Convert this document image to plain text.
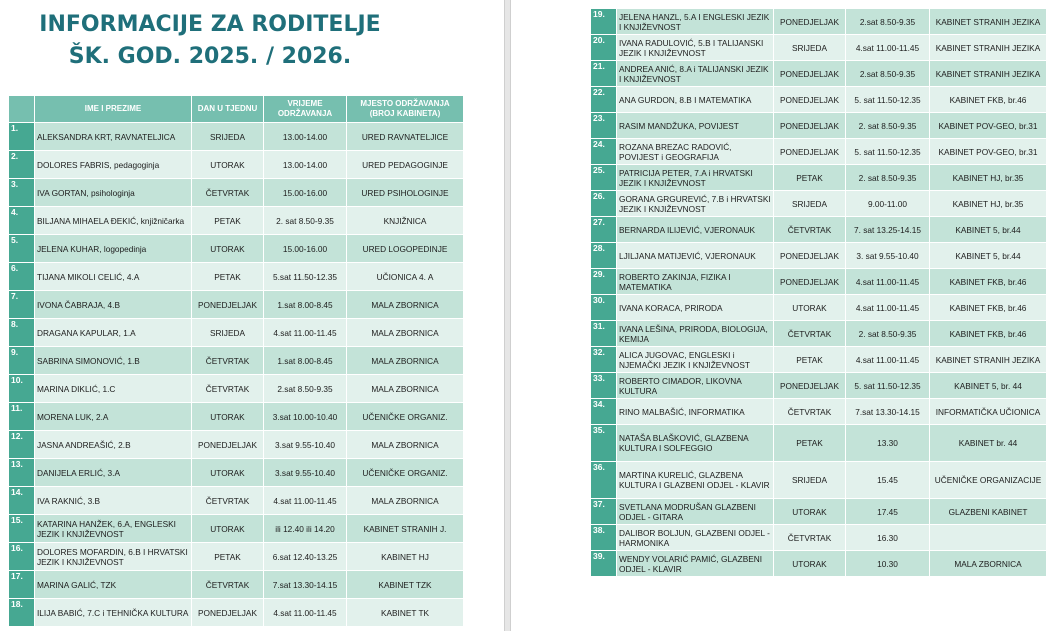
INFORMACIJE ZA RODITELJE
ŠK. GOD. 2025. / 2026.
	IME I PREZIME	DAN U TJEDNU	VRIJEME ODRŽAVANJA	MJESTO ODRŽAVANJA (BROJ KABINETA)
1.	ALEKSANDRA KRT, RAVNATELJICA	SRIJEDA	13.00-14.00	URED RAVNATELJICE
2.	DOLORES FABRIS, pedagoginja	UTORAK	13.00-14.00	URED PEDAGOGINJE
3.	IVA GORTAN, psihologinja	ČETVRTAK	15.00-16.00	URED PSIHOLOGINJE
4.	BILJANA MIHAELA ĐEKIĆ, knjižničarka	PETAK	2. sat 8.50-9.35	KNJIŽNICA
5.	JELENA KUHAR, logopedinja	UTORAK	15.00-16.00	URED LOGOPEDINJE
6.	TIJANA MIKOLI CELIĆ, 4.A	PETAK	5.sat 11.50-12.35	UČIONICA 4. A
7.	IVONA ČABRAJA, 4.B	PONEDJELJAK	1.sat 8.00-8.45	MALA ZBORNICA
8.	DRAGANA KAPULAR, 1.A	SRIJEDA	4.sat 11.00-11.45	MALA ZBORNICA
9.	SABRINA SIMONOVIĆ, 1.B	ČETVRTAK	1.sat 8.00-8.45	MALA ZBORNICA
10.	MARINA DIKLIĆ, 1.C	ČETVRTAK	2.sat 8.50-9.35	MALA ZBORNICA
11.	MORENA LUK, 2.A	UTORAK	3.sat 10.00-10.40	UČENIČKE ORGANIZ.
12.	JASNA ANDREAŠIĆ, 2.B	PONEDJELJAK	3.sat 9.55-10.40	MALA ZBORNICA
13.	DANIJELA ERLIĆ, 3.A	UTORAK	3.sat 9.55-10.40	UČENIČKE ORGANIZ.
14.	IVA RAKNIĆ, 3.B	ČETVRTAK	4.sat 11.00-11.45	MALA ZBORNICA
15.	KATARINA HANŽEK, 6.A, ENGLESKI JEZIK I KNJIŽEVNOST	UTORAK	ili 12.40 ili 14.20	KABINET STRANIH J.
16.	DOLORES MOFARDIN, 6.B I HRVATSKI JEZIK I KNJIŽEVNOST	PETAK	6.sat 12.40-13.25	KABINET HJ
17.	MARINA GALIĆ, TZK	ČETVRTAK	7.sat 13.30-14.15	KABINET TZK
18.	ILIJA BABIĆ, 7.C i TEHNIČKA KULTURA	PONEDJELJAK	4.sat 11.00-11.45	KABINET TK
19.	JELENA HANZL, 5.A I ENGLESKI JEZIK I KNJIŽEVNOST	PONEDJELJAK	2.sat 8.50-9.35	KABINET STRANIH JEZIKA
20.	IVANA RADULOVIĆ, 5.B I TALIJANSKI JEZIK I KNJIŽEVNOST	SRIJEDA	4.sat 11.00-11.45	KABINET STRANIH JEZIKA
21.	ANDREA ANIĆ, 8.A i TALIJANSKI JEZIK I KNJIŽEVNOST	PONEDJELJAK	2.sat 8.50-9.35	KABINET STRANIH JEZIKA
22.	ANA GURDON, 8.B I MATEMATIKA	PONEDJELJAK	5. sat 11.50-12.35	KABINET FKB, br.46
23.	RASIM MANDŽUKA, POVIJEST	PONEDJELJAK	2. sat 8.50-9.35	KABINET POV-GEO, br.31
24.	ROZANA BREZAC RADOVIĆ, POVIJEST i GEOGRAFIJA	PONEDJELJAK	5. sat 11.50-12.35	KABINET POV-GEO, br.31
25.	PATRICIJA PETER, 7.A i HRVATSKI JEZIK I KNJIŽEVNOST	PETAK	2. sat 8.50-9.35	KABINET HJ, br.35
26.	GORANA GRGUREVIĆ, 7.B i HRVATSKI JEZIK I KNJIŽEVNOST	SRIJEDA	9.00-11.00	KABINET HJ, br.35
27.	BERNARDA ILIJEVIĆ, VJERONAUK	ČETVRTAK	7. sat 13.25-14.15	KABINET 5, br.44
28.	LJILJANA MATIJEVIĆ, VJERONAUK	PONEDJELJAK	3. sat 9.55-10.40	KABINET 5, br.44
29.	ROBERTO ZAKINJA, FIZIKA I MATEMATIKA	PONEDJELJAK	4.sat 11.00-11.45	KABINET FKB, br.46
30.	IVANA KORACA, PRIRODA	UTORAK	4.sat 11.00-11.45	KABINET FKB, br.46
31.	IVANA LEŠINA, PRIRODA, BIOLOGIJA, KEMIJA	ČETVRTAK	2. sat 8.50-9.35	KABINET FKB, br.46
32.	ALICA JUGOVAC, ENGLESKI i NJEMAČKI JEZIK I KNJIŽEVNOST	PETAK	4.sat 11.00-11.45	KABINET STRANIH JEZIKA
33.	ROBERTO CIMADOR, LIKOVNA KULTURA	PONEDJELJAK	5. sat 11.50-12.35	KABINET 5, br. 44
34.	RINO MALBAŠIĆ, INFORMATIKA	ČETVRTAK	7.sat 13.30-14.15	INFORMATIČKA UČIONICA
35.	NATAŠA BLAŠKOVIĆ, GLAZBENA KULTURA I SOLFEGGIO	PETAK	13.30	KABINET br. 44
36.	MARTINA KURELIĆ, GLAZBENA KULTURA I GLAZBENI ODJEL - KLAVIR	SRIJEDA	15.45	UČENIČKE ORGANIZACIJE
37.	SVETLANA MODRUŠAN GLAZBENI ODJEL - GITARA	UTORAK	17.45	GLAZBENI KABINET
38.	DALIBOR BOLJUN, GLAZBENI ODJEL - HARMONIKA	ČETVRTAK	16.30	
39.	WENDY VOLARIĆ PAMIĆ, GLAZBENI ODJEL - KLAVIR	UTORAK	10.30	MALA ZBORNICA
